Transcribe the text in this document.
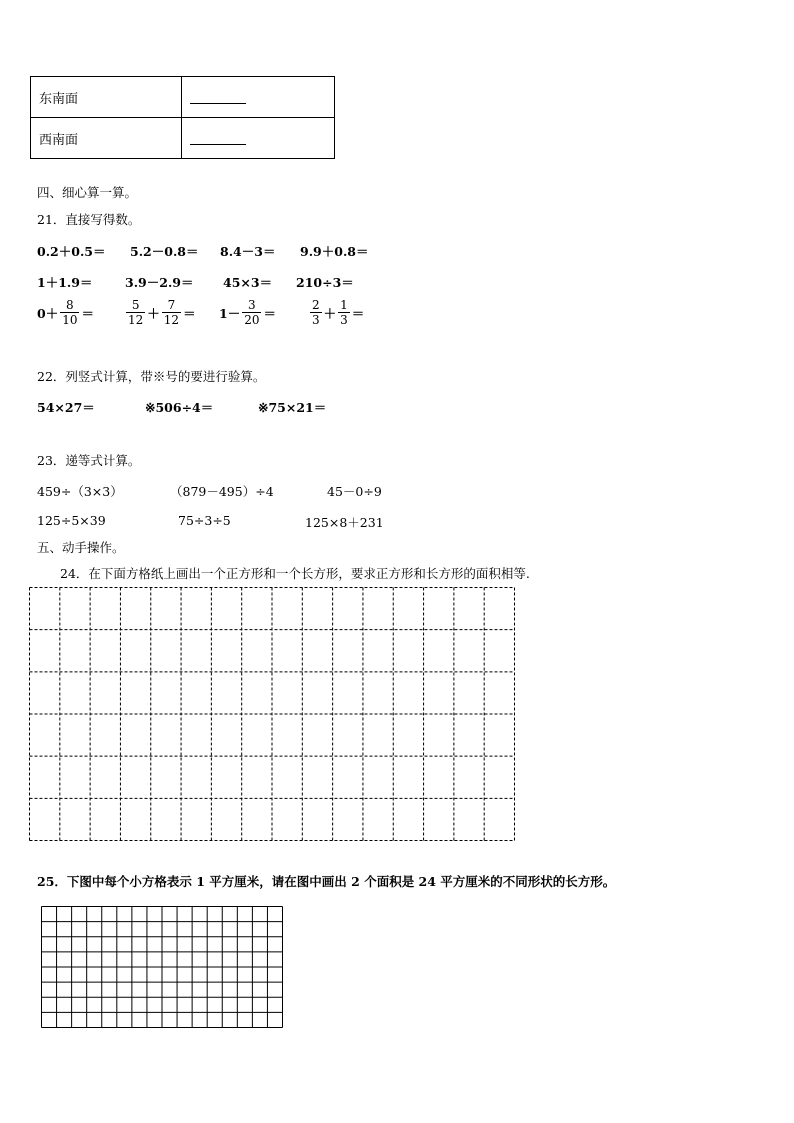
东南面	
西南面	
四、细心算一算。
21．直接写得数。
0.2＋0.5＝ 5.2－0.8＝ 8.4－3＝ 9.9＋0.8＝
1＋1.9＝	3.9－2.9＝ 45×3＝ 210÷3＝
$0+ \frac{8}{10}$ ＝	$\frac{5}{12} + \frac{7}{12} = 1- \frac{3}{20}$ ＝	$\frac{2}{3} + \frac{1}{3}$ ＝
22．列竖式计算，带※号的要进行验算。
54×27＝	※506÷4＝	※75×21＝
23．递等式计算。
459÷（3×3）	（879－495）÷4	45－0÷9
125÷5×39	75÷3÷5	125×8＋231
五、动手操作。
24．在下面方格纸上画出一个正方形和一个长方形，要求正方形和长方形的面积相等.
25．下图中每个小方格表示 1 平方厘米，请在图中画出 2 个面积是 24 平方厘米的不同形状的长方形。
